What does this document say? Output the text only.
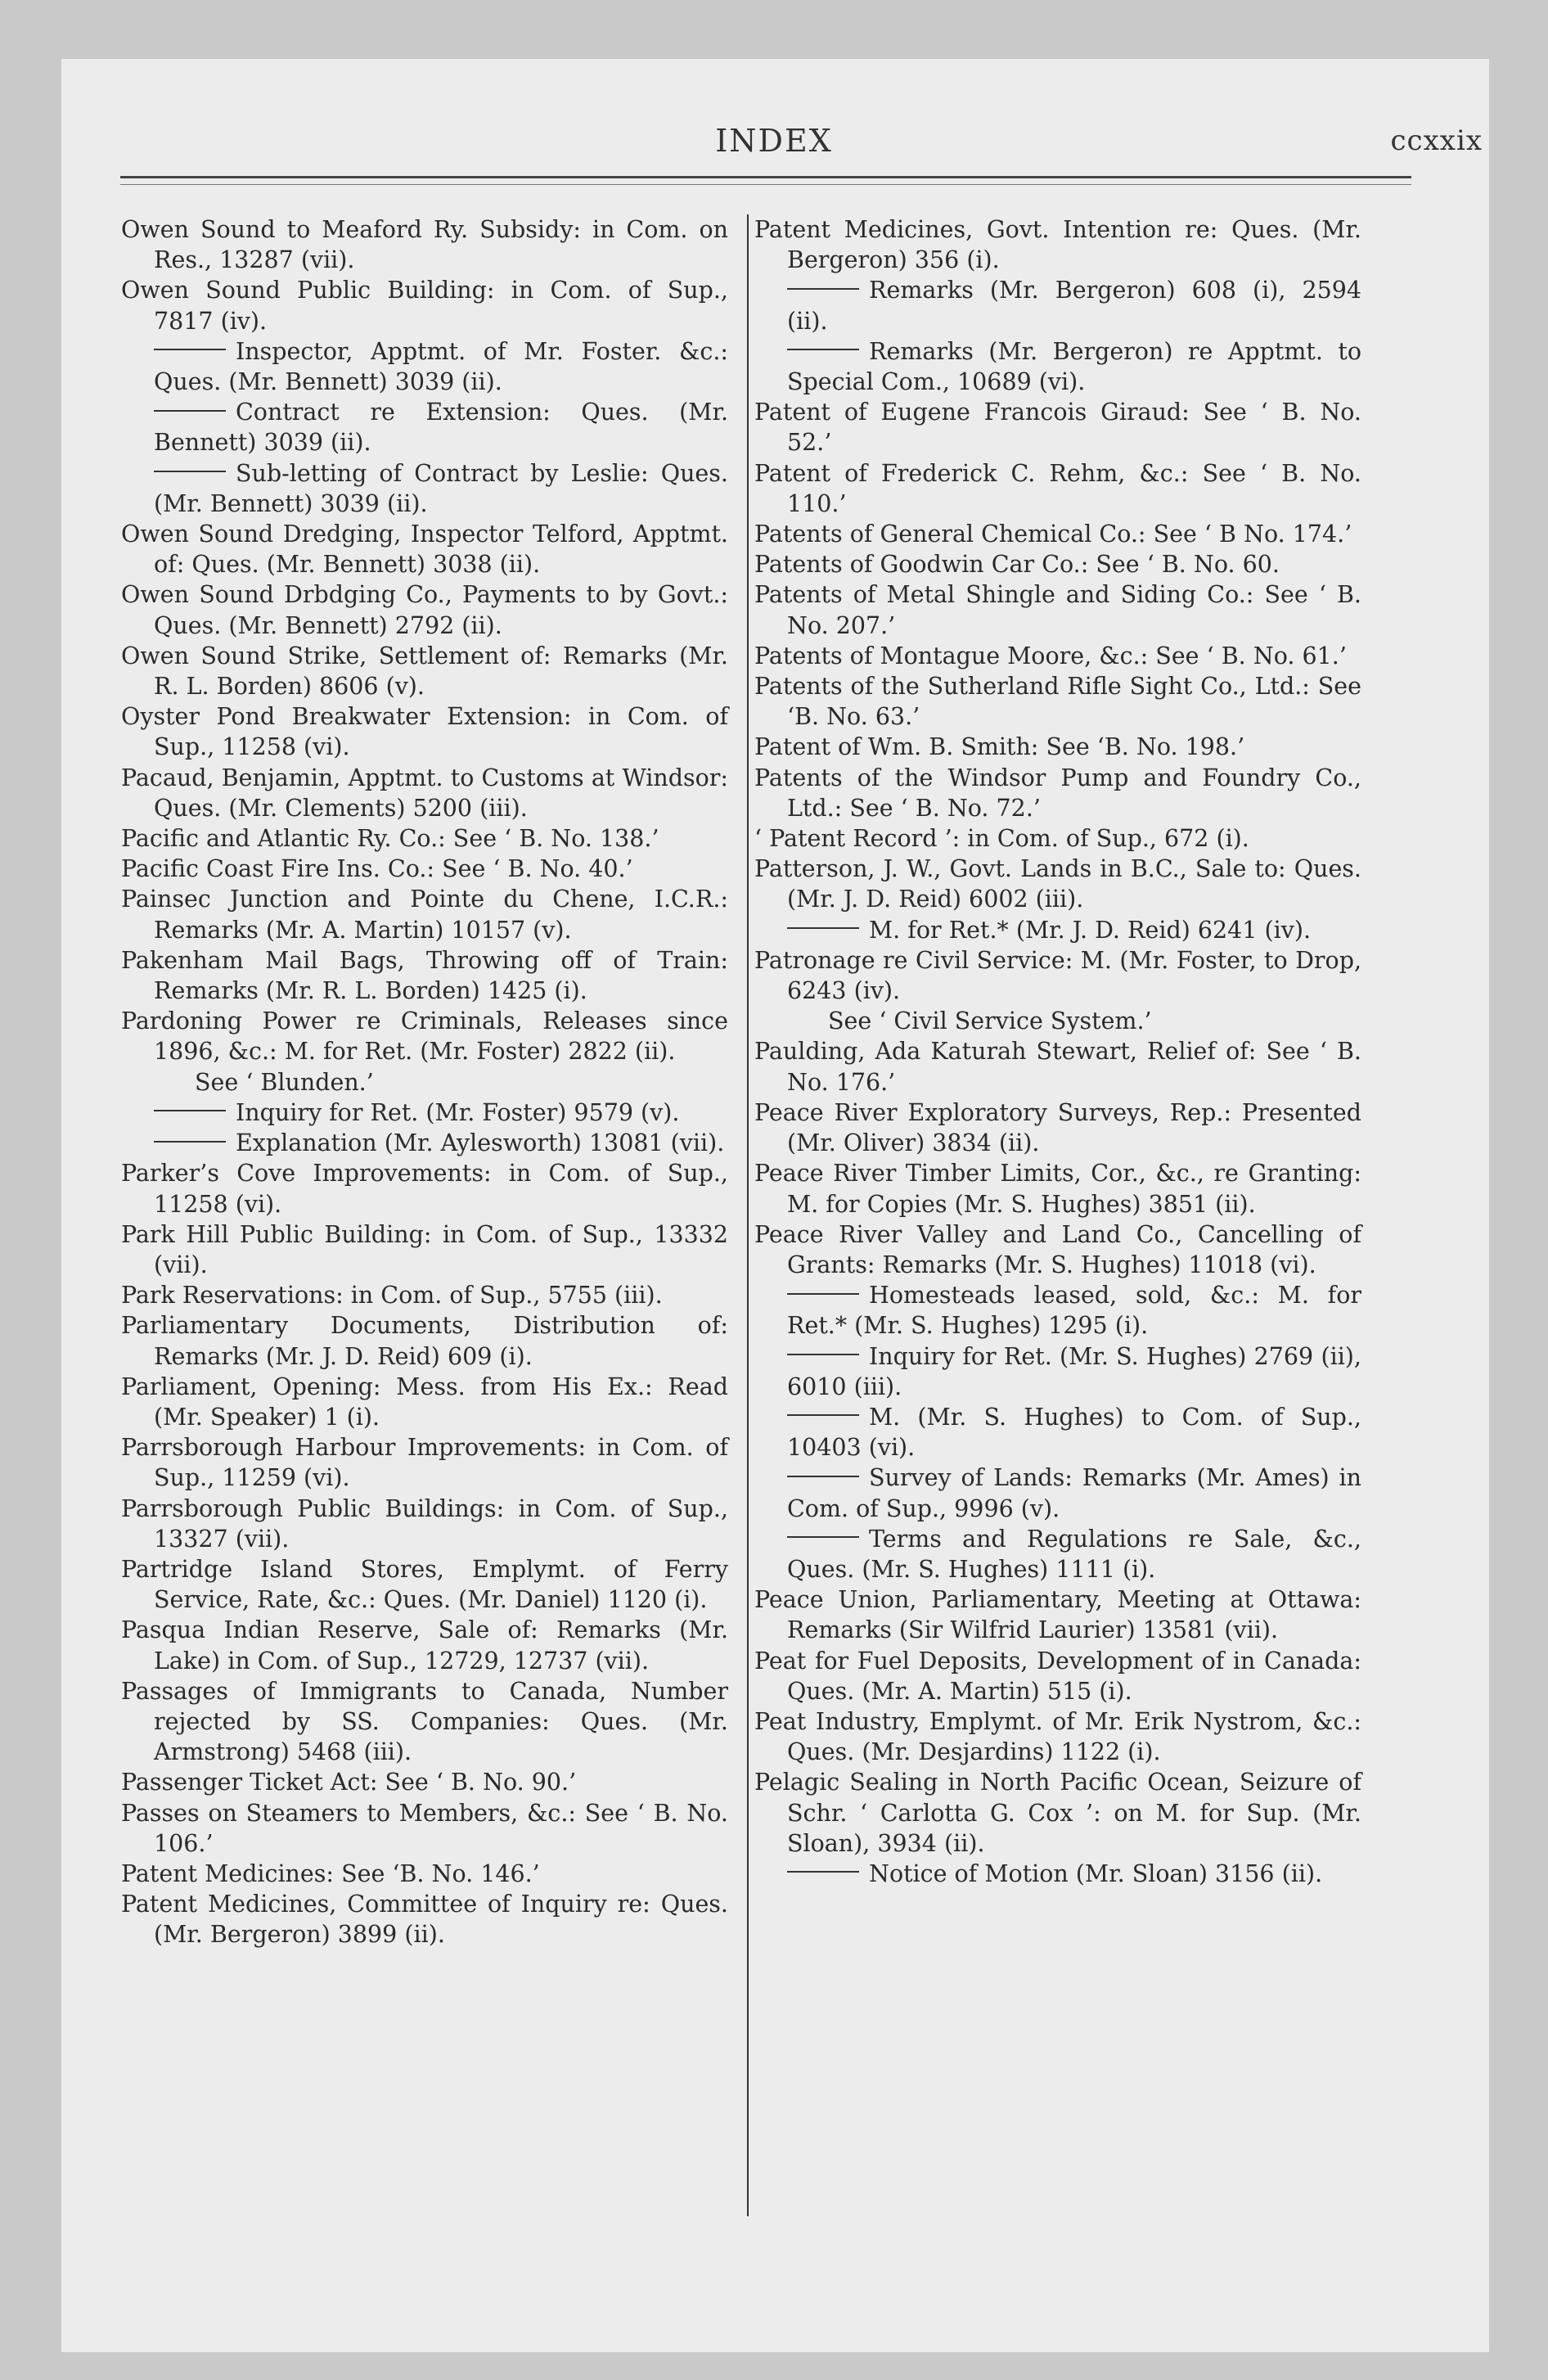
INDEX	ccxxix
Owen Sound to Meaford Ry. Subsidy: in Com. on Res., 13287 (vii).
Owen Sound Public Building: in Com. of Sup., 7817 (iv).
Inspector, Apptmt. of Mr. Foster. &c.: Ques. (Mr. Bennett) 3039 (ii).
Contract re Extension: Ques. (Mr. Bennett) 3039 (ii).
Sub-letting of Contract by Leslie: Ques. (Mr. Bennett) 3039 (ii).
Owen Sound Dredging, Inspector Telford, Apptmt. of: Ques. (Mr. Bennett) 3038 (ii).
Owen Sound Drbdging Co., Payments to by Govt.: Ques. (Mr. Bennett) 2792 (ii).
Owen Sound Strike, Settlement of: Remarks (Mr. R. L. Borden) 8606 (v).
Oyster Pond Breakwater Extension: in Com. of Sup., 11258 (vi).
Pacaud, Benjamin, Apptmt. to Customs at Windsor: Ques. (Mr. Clements) 5200 (iii).
Pacific and Atlantic Ry. Co.: See ‘ B. No. 138.’
Pacific Coast Fire Ins. Co.: See ‘ B. No. 40.’
Painsec Junction and Pointe du Chene, I.C.R.: Remarks (Mr. A. Martin) 10157 (v).
Pakenham Mail Bags, Throwing off of Train: Remarks (Mr. R. L. Borden) 1425 (i).
Pardoning Power re Criminals, Releases since 1896, &c.: M. for Ret. (Mr. Foster) 2822 (ii).
See ‘ Blunden.’
Inquiry for Ret. (Mr. Foster) 9579 (v).
Explanation (Mr. Aylesworth) 13081 (vii).
Parker’s Cove Improvements: in Com. of Sup., 11258 (vi).
Park Hill Public Building: in Com. of Sup., 13332 (vii).
Park Reservations: in Com. of Sup., 5755 (iii).
Parliamentary Documents, Distribution of: Remarks (Mr. J. D. Reid) 609 (i).
Parliament, Opening: Mess. from His Ex.: Read (Mr. Speaker) 1 (i).
Parrsborough Harbour Improvements: in Com. of Sup., 11259 (vi).
Parrsborough Public Buildings: in Com. of Sup., 13327 (vii).
Partridge Island Stores, Emplymt. of Ferry Service, Rate, &c.: Ques. (Mr. Daniel) 1120 (i).
Pasqua Indian Reserve, Sale of: Remarks (Mr. Lake) in Com. of Sup., 12729, 12737 (vii).
Passages of Immigrants to Canada, Number rejected by SS. Companies: Ques. (Mr. Armstrong) 5468 (iii).
Passenger Ticket Act: See ‘ B. No. 90.’
Passes on Steamers to Members, &c.: See ‘ B. No. 106.’
Patent Medicines: See ‘B. No. 146.’
Patent Medicines, Committee of Inquiry re: Ques. (Mr. Bergeron) 3899 (ii).
Patent Medicines, Govt. Intention re: Ques. (Mr. Bergeron) 356 (i).
Remarks (Mr. Bergeron) 608 (i), 2594 (ii).
Remarks (Mr. Bergeron) re Apptmt. to Special Com., 10689 (vi).
Patent of Eugene Francois Giraud: See ‘ B. No. 52.’
Patent of Frederick C. Rehm, &c.: See ‘ B. No. 110.’
Patents of General Chemical Co.: See ‘ B No. 174.’
Patents of Goodwin Car Co.: See ‘ B. No. 60.
Patents of Metal Shingle and Siding Co.: See ‘ B. No. 207.’
Patents of Montague Moore, &c.: See ‘ B. No. 61.’
Patents of the Sutherland Rifle Sight Co., Ltd.: See ‘B. No. 63.’
Patent of Wm. B. Smith: See ‘B. No. 198.’
Patents of the Windsor Pump and Foundry Co., Ltd.: See ‘ B. No. 72.’
‘ Patent Record ’: in Com. of Sup., 672 (i).
Patterson, J. W., Govt. Lands in B.C., Sale to: Ques. (Mr. J. D. Reid) 6002 (iii).
M. for Ret.* (Mr. J. D. Reid) 6241 (iv).
Patronage re Civil Service: M. (Mr. Foster, to Drop, 6243 (iv).
See ‘ Civil Service System.’
Paulding, Ada Katurah Stewart, Relief of: See ‘ B. No. 176.’
Peace River Exploratory Surveys, Rep.: Presented (Mr. Oliver) 3834 (ii).
Peace River Timber Limits, Cor., &c., re Granting: M. for Copies (Mr. S. Hughes) 3851 (ii).
Peace River Valley and Land Co., Cancelling of Grants: Remarks (Mr. S. Hughes) 11018 (vi).
Homesteads leased, sold, &c.: M. for Ret.* (Mr. S. Hughes) 1295 (i).
Inquiry for Ret. (Mr. S. Hughes) 2769 (ii), 6010 (iii).
M. (Mr. S. Hughes) to Com. of Sup., 10403 (vi).
Survey of Lands: Remarks (Mr. Ames) in Com. of Sup., 9996 (v).
Terms and Regulations re Sale, &c., Ques. (Mr. S. Hughes) 1111 (i).
Peace Union, Parliamentary, Meeting at Ottawa: Remarks (Sir Wilfrid Laurier) 13581 (vii).
Peat for Fuel Deposits, Development of in Canada: Ques. (Mr. A. Martin) 515 (i).
Peat Industry, Emplymt. of Mr. Erik Nystrom, &c.: Ques. (Mr. Desjardins) 1122 (i).
Pelagic Sealing in North Pacific Ocean, Seizure of Schr. ‘ Carlotta G. Cox ’: on M. for Sup. (Mr. Sloan), 3934 (ii).
Notice of Motion (Mr. Sloan) 3156 (ii).
